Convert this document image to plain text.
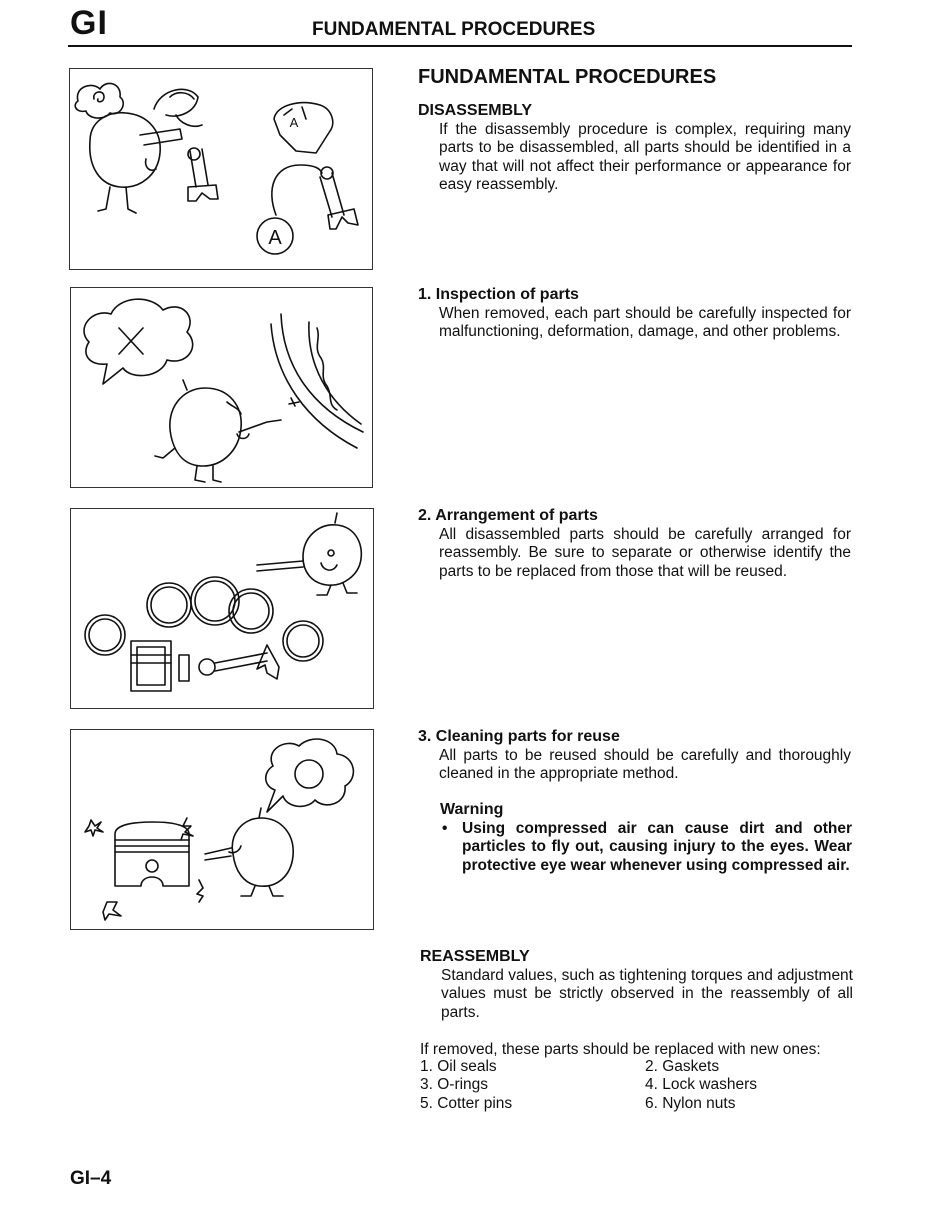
GI	FUNDAMENTAL PROCEDURES
A
A
FUNDAMENTAL PROCEDURES
DISASSEMBLY
If the disassembly procedure is complex, requiring many parts to be disassembled, all parts should be identified in a way that will not affect their performance or appearance for easy reassembly.
1. Inspection of parts
When removed, each part should be carefully inspected for malfunctioning, deformation, damage, and other problems.
2. Arrangement of parts
All disassembled parts should be carefully arranged for reassembly. Be sure to separate or otherwise identify the parts to be replaced from those that will be reused.
3. Cleaning parts for reuse
All parts to be reused should be carefully and thoroughly cleaned in the appropriate method.
Warning
• Using compressed air can cause dirt and other particles to fly out, causing injury to the eyes. Wear protective eye wear whenever using compressed air.
REASSEMBLY
Standard values, such as tightening torques and adjustment values must be strictly observed in the reassembly of all parts.
If removed, these parts should be replaced with new ones:
1. Oil seals	2. Gaskets
3. O-rings	4. Lock washers
5. Cotter pins	6. Nylon nuts
GI–4
